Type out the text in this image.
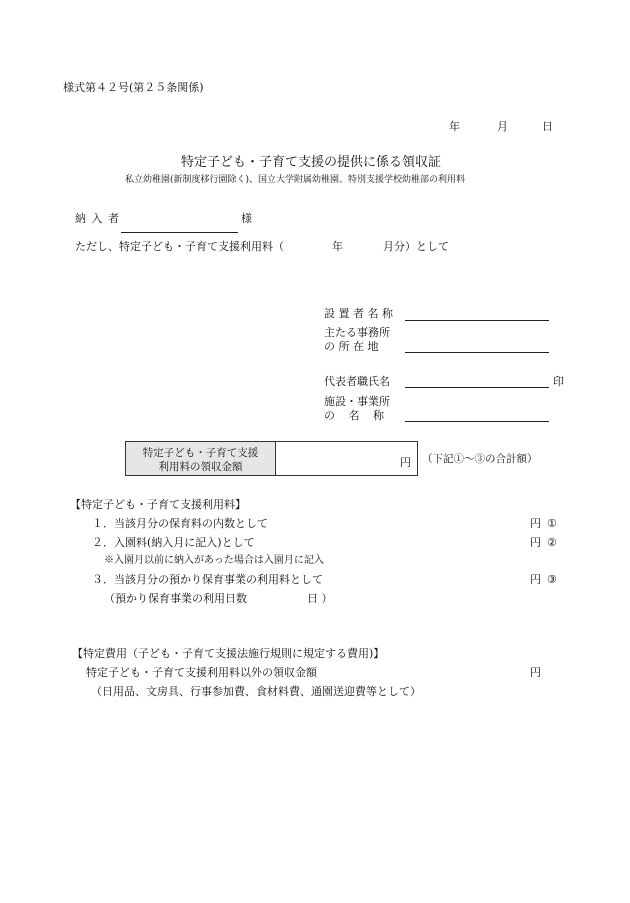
様式第４２号(第２５条関係)
年	月	日
特定子ども・子育て支援の提供に係る領収証
私立幼稚園(新制度移行園除く)、国立大学附属幼稚園、特別支援学校幼稚部の利用料
納 入 者	様
ただし、特定子ども・子育て支援利用料（	年	月分）として
設 置 者 名 称
主たる事務所
の 所 在 地
代表者職氏名	印
施設・事業所
の 名 称
特定子ども・子育て支援
利用料の領収金額	円 （下記①～③の合計額）
【特定子ども・子育て支援利用料】
１．当該月分の保育料の内数として	円 ①
２．入園料(納入月に記入)として	円 ②
※入園月以前に納入があった場合は入園月に記入
３．当該月分の預かり保育事業の利用料として	円 ③
（預かり保育事業の利用日数	日 ）
【特定費用（子ども・子育て支援法施行規則に規定する費用)】
特定子ども・子育て支援利用料以外の領収金額	円
（日用品、文房具、行事参加費、食材料費、通園送迎費等として）
